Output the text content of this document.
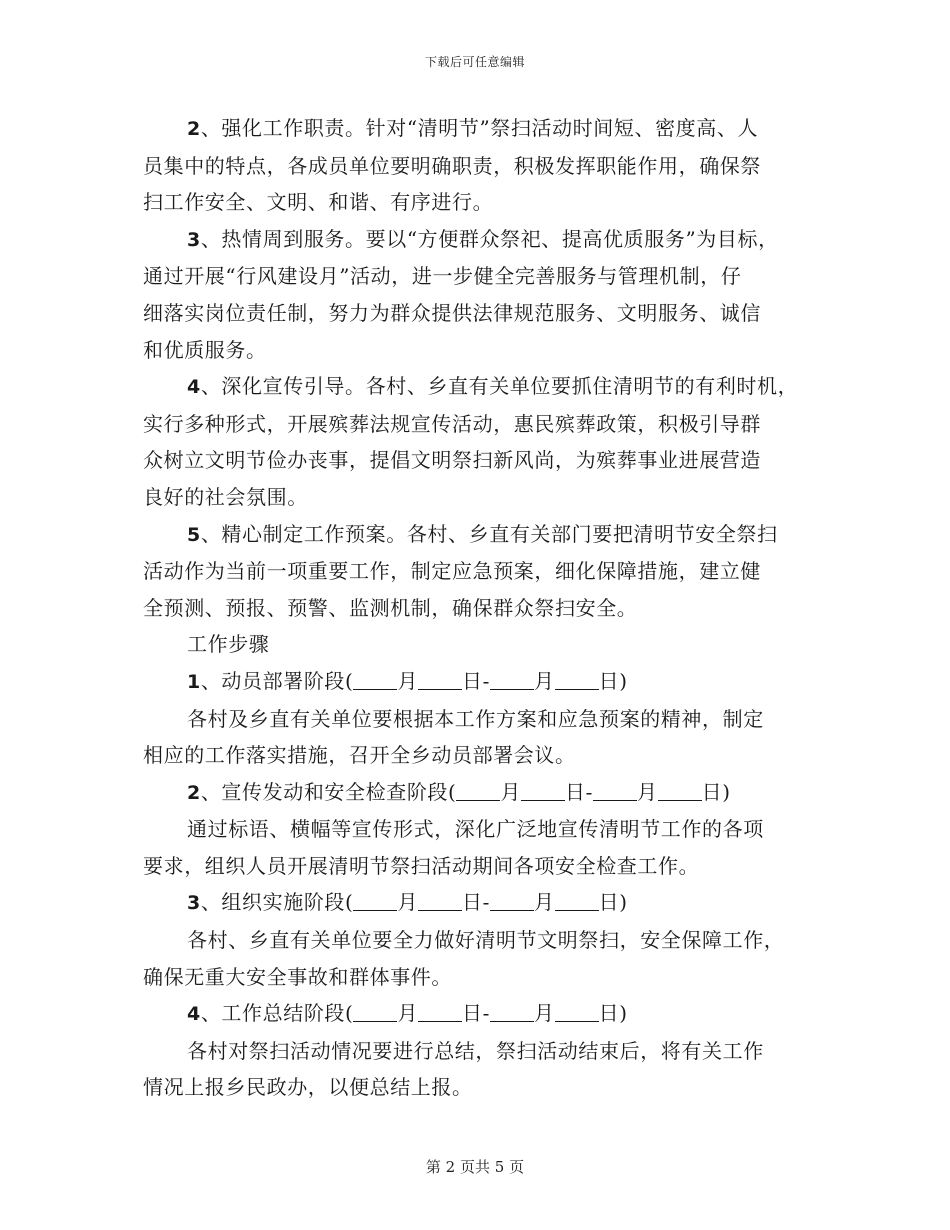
下载后可任意编辑

2、强化工作职责。针对“清明节”祭扫活动时间短、密度高、人
员集中的特点，各成员单位要明确职责，积极发挥职能作用，确保祭
扫工作安全、文明、和谐、有序进行。

3、热情周到服务。要以“方便群众祭祀、提高优质服务”为目标，
通过开展“行风建设月”活动，进一步健全完善服务与管理机制，仔
细落实岗位责任制，努力为群众提供法律规范服务、文明服务、诚信
和优质服务。

4、深化宣传引导。各村、乡直有关单位要抓住清明节的有利时机，
实行多种形式，开展殡葬法规宣传活动，惠民殡葬政策，积极引导群
众树立文明节俭办丧事，提倡文明祭扫新风尚，为殡葬事业进展营造
良好的社会氛围。

5、精心制定工作预案。各村、乡直有关部门要把清明节安全祭扫
活动作为当前一项重要工作，制定应急预案，细化保障措施，建立健
全预测、预报、预警、监测机制，确保群众祭扫安全。

工作步骤

1、动员部署阶段( 月 日- 月 日)

各村及乡直有关单位要根据本工作方案和应急预案的精神，制定
相应的工作落实措施，召开全乡动员部署会议。

2、宣传发动和安全检查阶段( 月 日- 月 日)

通过标语、横幅等宣传形式，深化广泛地宣传清明节工作的各项
要求，组织人员开展清明节祭扫活动期间各项安全检查工作。

3、组织实施阶段( 月 日- 月 日)

各村、乡直有关单位要全力做好清明节文明祭扫，安全保障工作，
确保无重大安全事故和群体事件。

4、工作总结阶段( 月 日- 月 日)

各村对祭扫活动情况要进行总结，祭扫活动结束后，将有关工作
情况上报乡民政办，以便总结上报。

第 2 页共 5 页
